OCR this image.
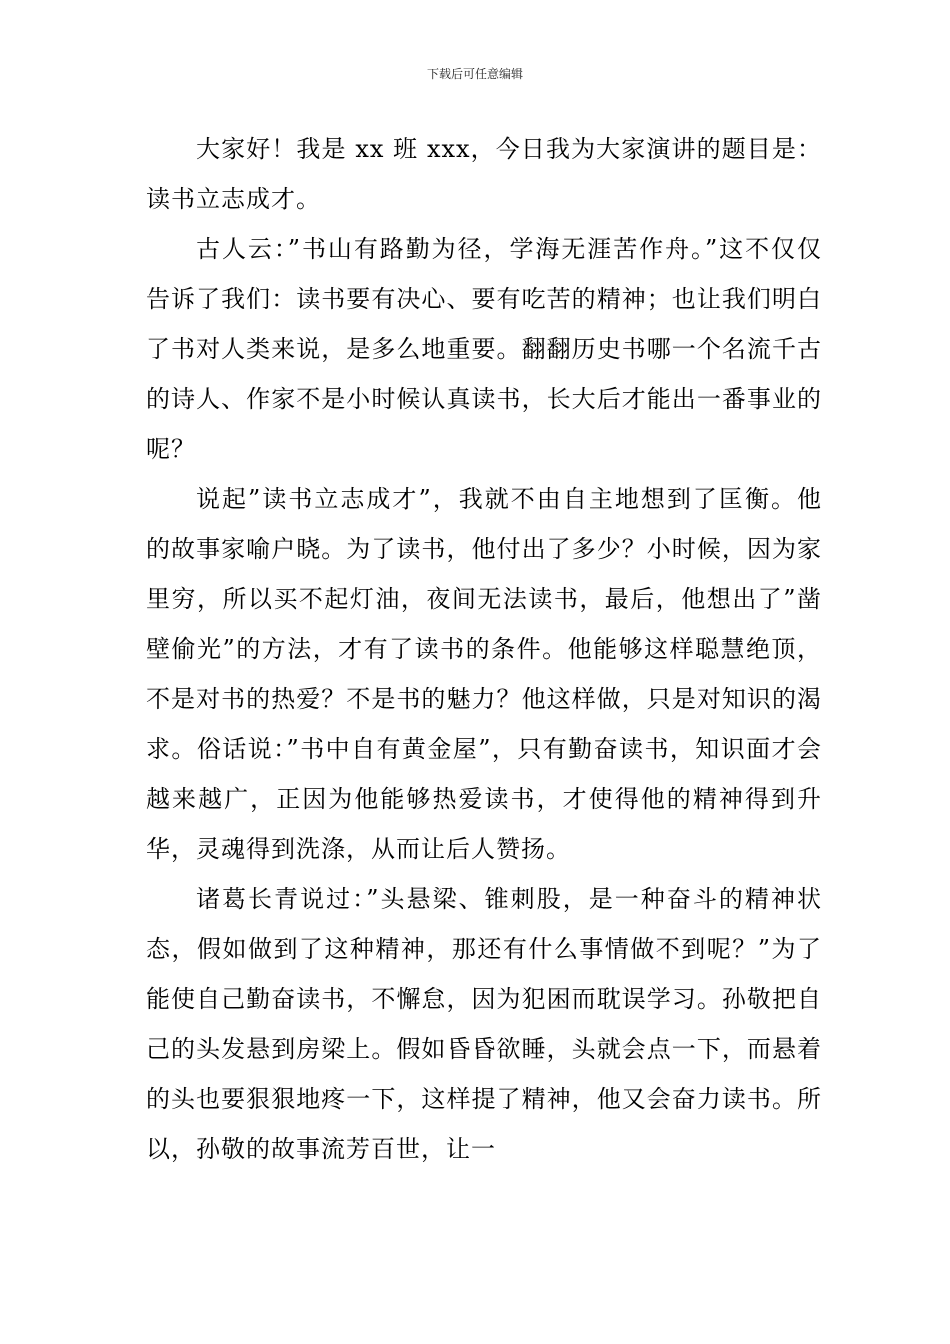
下载后可任意编辑

大家好！我是 xx 班 xxx，今日我为大家演讲的题目是：读书立志成才。

古人云：”书山有路勤为径，学海无涯苦作舟。”这不仅仅告诉了我们：读书要有决心、要有吃苦的精神；也让我们明白了书对人类来说，是多么地重要。翻翻历史书哪一个名流千古的诗人、作家不是小时候认真读书，长大后才能出一番事业的呢？

说起”读书立志成才”，我就不由自主地想到了匡衡。他的故事家喻户晓。为了读书，他付出了多少？小时候，因为家里穷，所以买不起灯油，夜间无法读书，最后，他想出了”凿壁偷光”的方法，才有了读书的条件。他能够这样聪慧绝顶，不是对书的热爱？不是书的魅力？他这样做，只是对知识的渴求。俗话说：”书中自有黄金屋”，只有勤奋读书，知识面才会越来越广，正因为他能够热爱读书，才使得他的精神得到升华，灵魂得到洗涤，从而让后人赞扬。

诸葛长青说过：”头悬梁、锥刺股，是一种奋斗的精神状态，假如做到了这种精神，那还有什么事情做不到呢？”为了能使自己勤奋读书，不懈怠，因为犯困而耽误学习。孙敬把自己的头发悬到房梁上。假如昏昏欲睡，头就会点一下，而悬着的头也要狠狠地疼一下，这样提了精神，他又会奋力读书。所以，孙敬的故事流芳百世，让一
